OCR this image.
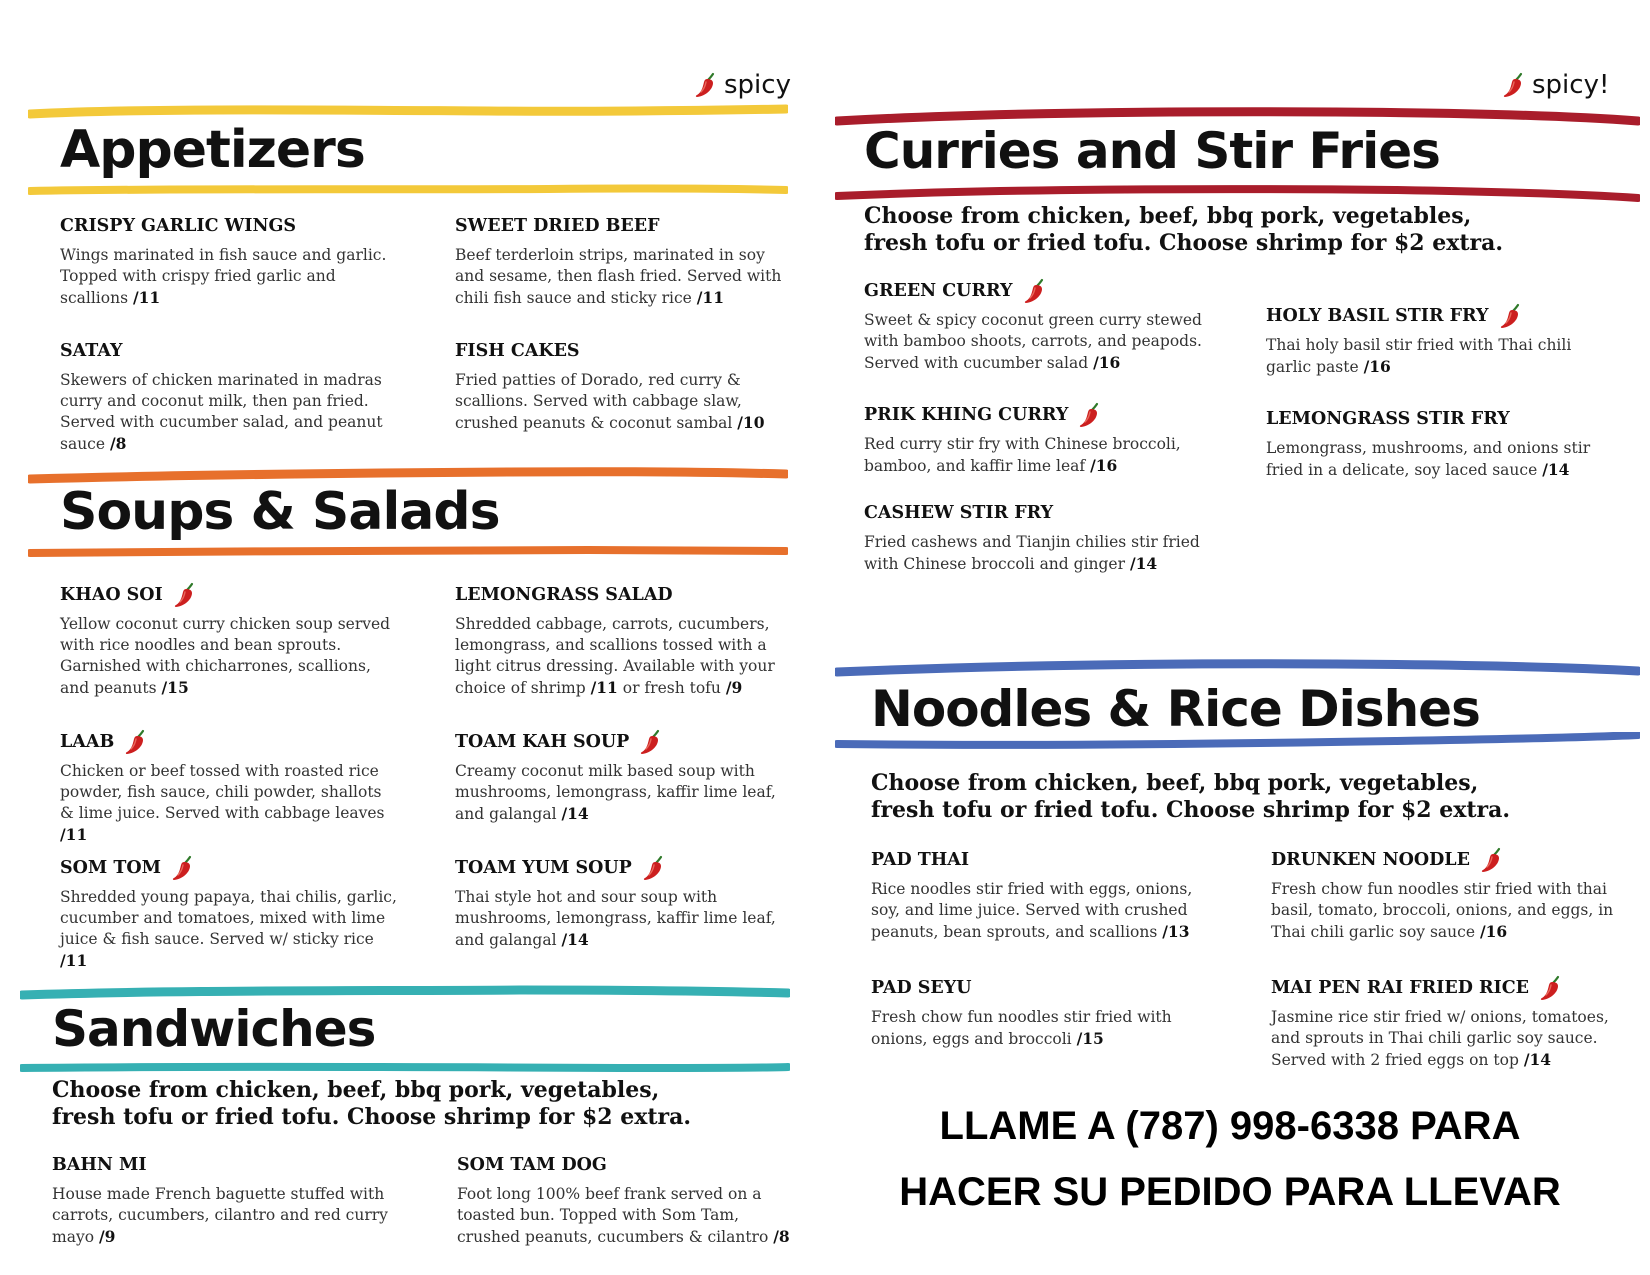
spicy
Appetizers
CRISPY GARLIC WINGS
Wings marinated in fish sauce and garlic. Topped with crispy fried garlic and scallions /11
SWEET DRIED BEEF
Beef terderloin strips, marinated in soy and sesame, then flash fried. Served with chili fish sauce and sticky rice /11
SATAY
Skewers of chicken marinated in madras curry and coconut milk, then pan fried. Served with cucumber salad, and peanut sauce /8
FISH CAKES
Fried patties of Dorado, red curry & scallions. Served with cabbage slaw, crushed peanuts & coconut sambal /10
Soups & Salads
KHAO SOI
Yellow coconut curry chicken soup served with rice noodles and bean sprouts. Garnished with chicharrones, scallions, and peanuts /15
LEMONGRASS SALAD
Shredded cabbage, carrots, cucumbers, lemongrass, and scallions tossed with a light citrus dressing. Available with your choice of shrimp /11 or fresh tofu /9
LAAB
Chicken or beef tossed with roasted rice powder, fish sauce, chili powder, shallots & lime juice. Served with cabbage leaves /11
TOAM KAH SOUP
Creamy coconut milk based soup with mushrooms, lemongrass, kaffir lime leaf, and galangal /14
SOM TOM
Shredded young papaya, thai chilis, garlic, cucumber and tomatoes, mixed with lime juice & fish sauce. Served w/ sticky rice /11
TOAM YUM SOUP
Thai style hot and sour soup with mushrooms, lemongrass, kaffir lime leaf, and galangal /14
Sandwiches
Choose from chicken, beef, bbq pork, vegetables,
fresh tofu or fried tofu. Choose shrimp for $2 extra.
BAHN MI
House made French baguette stuffed with carrots, cucumbers, cilantro and red curry mayo /9
SOM TAM DOG
Foot long 100% beef frank served on a toasted bun. Topped with Som Tam, crushed peanuts, cucumbers & cilantro /8
spicy!
Curries and Stir Fries
Choose from chicken, beef, bbq pork, vegetables,
fresh tofu or fried tofu. Choose shrimp for $2 extra.
GREEN CURRY
Sweet & spicy coconut green curry stewed with bamboo shoots, carrots, and peapods. Served with cucumber salad /16
HOLY BASIL STIR FRY
Thai holy basil stir fried with Thai chili garlic paste /16
PRIK KHING CURRY
Red curry stir fry with Chinese broccoli, bamboo, and kaffir lime leaf /16
LEMONGRASS STIR FRY
Lemongrass, mushrooms, and onions stir fried in a delicate, soy laced sauce /14
CASHEW STIR FRY
Fried cashews and Tianjin chilies stir fried with Chinese broccoli and ginger /14
Noodles & Rice Dishes
Choose from chicken, beef, bbq pork, vegetables,
fresh tofu or fried tofu. Choose shrimp for $2 extra.
PAD THAI
Rice noodles stir fried with eggs, onions, soy, and lime juice. Served with crushed peanuts, bean sprouts, and scallions /13
DRUNKEN NOODLE
Fresh chow fun noodles stir fried with thai basil, tomato, broccoli, onions, and eggs, in Thai chili garlic soy sauce /16
PAD SEYU
Fresh chow fun noodles stir fried with onions, eggs and broccoli /15
MAI PEN RAI FRIED RICE
Jasmine rice stir fried w/ onions, tomatoes, and sprouts in Thai chili garlic soy sauce. Served with 2 fried eggs on top /14
LLAME A (787) 998-6338 PARA
HACER SU PEDIDO PARA LLEVAR
